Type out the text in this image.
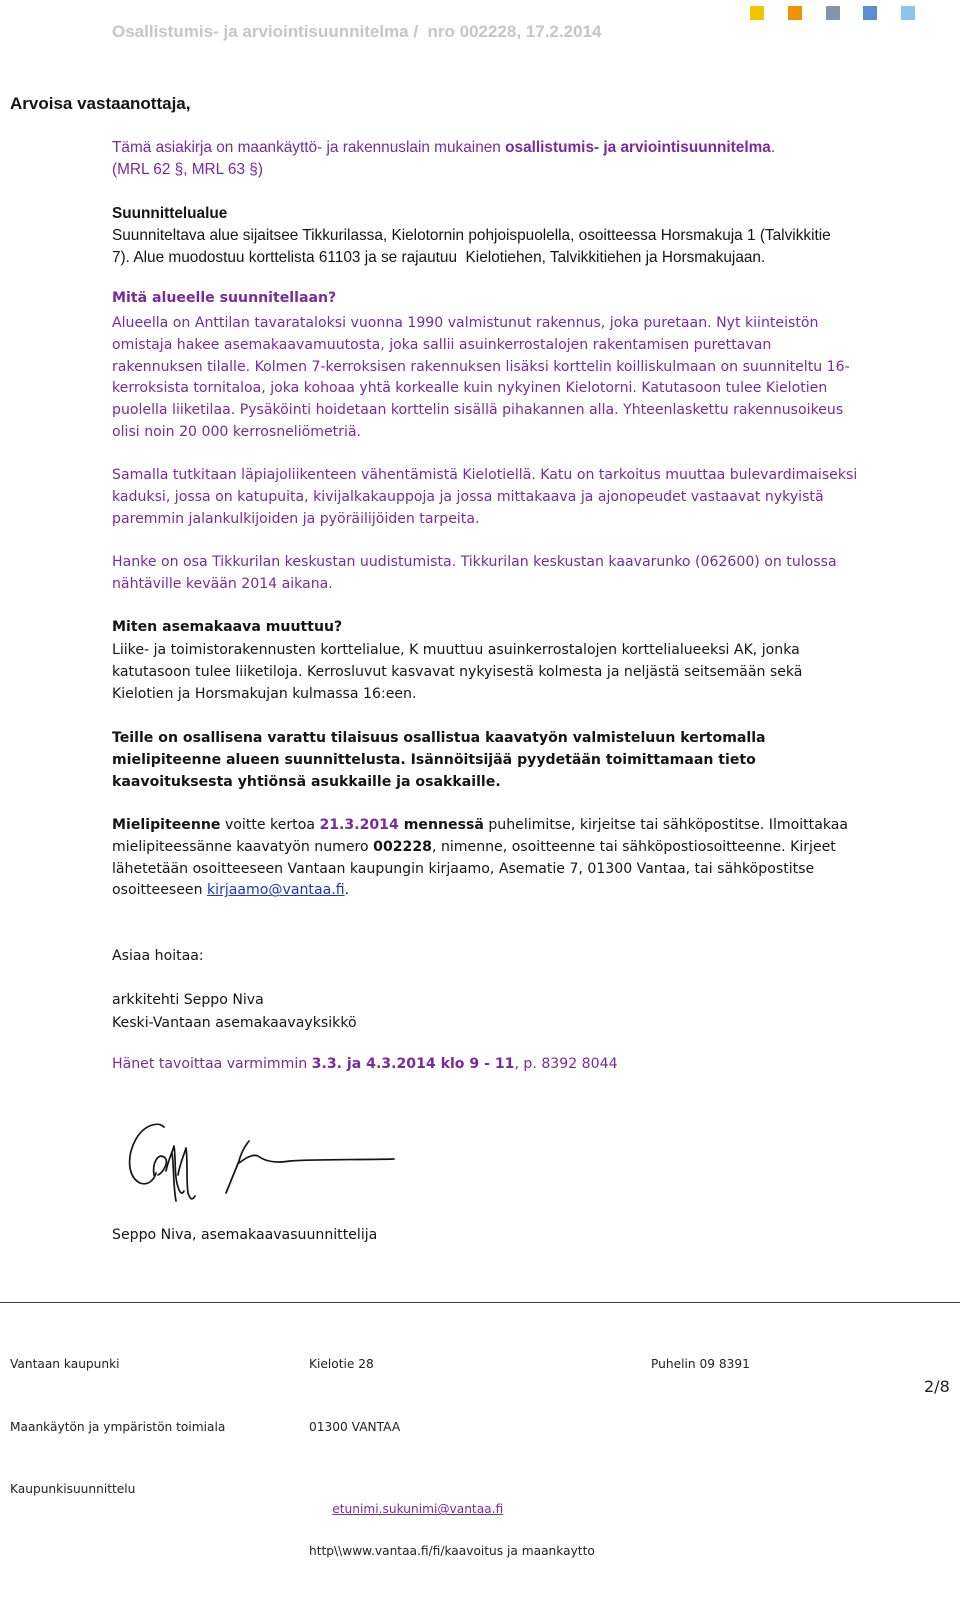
Osallistumis- ja arviointisuunnitelma /  nro 002228, 17.2.2014
Arvoisa vastaanottaja,
Tämä asiakirja on maankäyttö- ja rakennuslain mukainen osallistumis- ja arviointisuunnitelma.
(MRL 62 §, MRL 63 §)
Suunnittelualue
Suunniteltava alue sijaitsee Tikkurilassa, Kielotornin pohjoispuolella, osoitteessa Horsmakuja 1 (Talvikkitie
7). Alue muodostuu korttelista 61103 ja se rajautuu  Kielotiehen, Talvikkitiehen ja Horsmakujaan.
Mitä alueelle suunnitellaan?
Alueella on Anttilan tavarataloksi vuonna 1990 valmistunut rakennus, joka puretaan. Nyt kiinteistön
omistaja hakee asemakaavamuutosta, joka sallii asuinkerrostalojen rakentamisen purettavan
rakennuksen tilalle. Kolmen 7-kerroksisen rakennuksen lisäksi korttelin koilliskulmaan on suunniteltu 16-
kerroksista tornitaloa, joka kohoaa yhtä korkealle kuin nykyinen Kielotorni. Katutasoon tulee Kielotien
puolella liiketilaa. Pysäköinti hoidetaan korttelin sisällä pihakannen alla. Yhteenlaskettu rakennusoikeus
olisi noin 20 000 kerrosneliömetriä.
Samalla tutkitaan läpiajoliikenteen vähentämistä Kielotiellä. Katu on tarkoitus muuttaa bulevardimaiseksi
kaduksi, jossa on katupuita, kivijalkakauppoja ja jossa mittakaava ja ajonopeudet vastaavat nykyistä
paremmin jalankulkijoiden ja pyöräilijöiden tarpeita.
Hanke on osa Tikkurilan keskustan uudistumista. Tikkurilan keskustan kaavarunko (062600) on tulossa
nähtäville kevään 2014 aikana.
Miten asemakaava muuttuu?
Liike- ja toimistorakennusten korttelialue, K muuttuu asuinkerrostalojen korttelialueeksi AK, jonka
katutasoon tulee liiketiloja. Kerrosluvut kasvavat nykyisestä kolmesta ja neljästä seitsemään sekä
Kielotien ja Horsmakujan kulmassa 16:een.
Teille on osallisena varattu tilaisuus osallistua kaavatyön valmisteluun kertomalla
mielipiteenne alueen suunnittelusta. Isännöitsijää pyydetään toimittamaan tieto
kaavoituksesta yhtiönsä asukkaille ja osakkaille.
Mielipiteenne voitte kertoa 21.3.2014 mennessä puhelimitse, kirjeitse tai sähköpostitse. Ilmoittakaa
mielipiteessänne kaavatyön numero 002228, nimenne, osoitteenne tai sähköpostiosoitteenne. Kirjeet
lähetetään osoitteeseen Vantaan kaupungin kirjaamo, Asematie 7, 01300 Vantaa, tai sähköpostitse
osoitteeseen kirjaamo@vantaa.fi.
Asiaa hoitaa:
arkkitehti Seppo Niva
Keski-Vantaan asemakaavayksikkö
Hänet tavoittaa varmimmin 3.3. ja 4.3.2014 klo 9 - 11, p. 8392 8044
Seppo Niva, asemakaavasuunnittelija

Vantaan kaupunki

Maankäytön ja ympäristön toimiala

Kaupunkisuunnittelu

Kielotie 28

01300 VANTAA

etunimi.sukunimi@vantaa.fi

http\\www.vantaa.fi/fi/kaavoitus ja maankaytto

Puhelin 09 8391

2/8
